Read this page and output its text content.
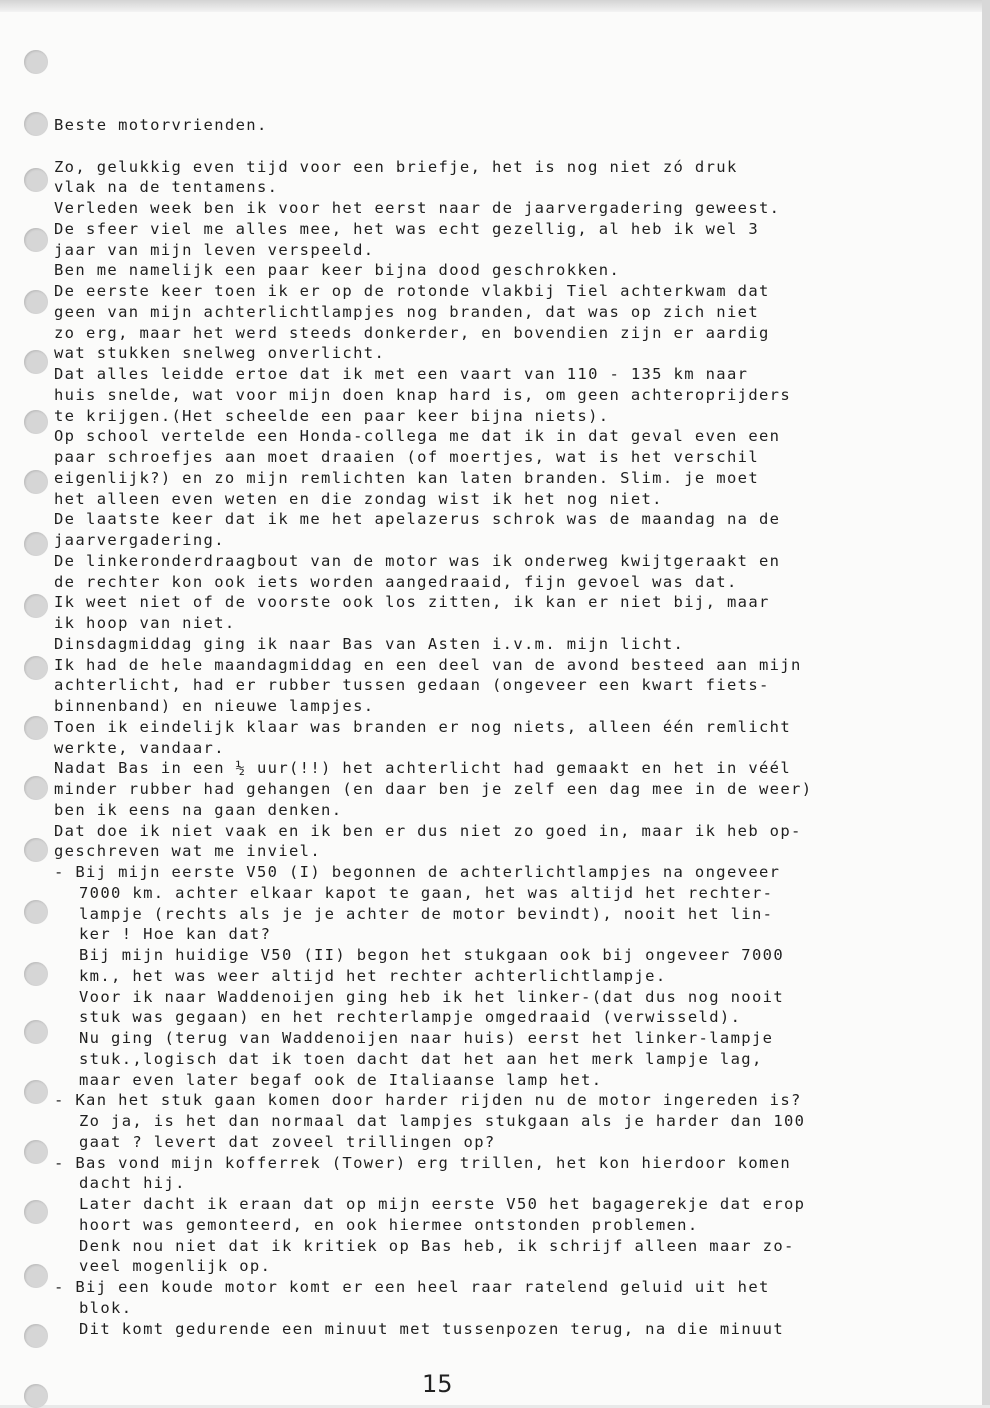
Beste motorvrienden.
Zo, gelukkig even tijd voor een briefje, het is nog niet zó druk
vlak na de tentamens.
Verleden week ben ik voor het eerst naar de jaarvergadering geweest.
De sfeer viel me alles mee, het was echt gezellig, al heb ik wel 3
jaar van mijn leven verspeeld.
Ben me namelijk een paar keer bijna dood geschrokken.
De eerste keer toen ik er op de rotonde vlakbij Tiel achterkwam dat
geen van mijn achterlichtlampjes nog branden, dat was op zich niet
zo erg, maar het werd steeds donkerder, en bovendien zijn er aardig
wat stukken snelweg onverlicht.
Dat alles leidde ertoe dat ik met een vaart van 110 - 135 km naar
huis snelde, wat voor mijn doen knap hard is, om geen achteroprijders
te krijgen.(Het scheelde een paar keer bijna niets).
Op school vertelde een Honda-collega me dat ik in dat geval even een
paar schroefjes aan moet draaien (of moertjes, wat is het verschil
eigenlijk?) en zo mijn remlichten kan laten branden. Slim. je moet
het alleen even weten en die zondag wist ik het nog niet.
De laatste keer dat ik me het apelazerus schrok was de maandag na de
jaarvergadering.
De linkeronderdraagbout van de motor was ik onderweg kwijtgeraakt en
de rechter kon ook iets worden aangedraaid, fijn gevoel was dat.
Ik weet niet of de voorste ook los zitten, ik kan er niet bij, maar
ik hoop van niet.
Dinsdagmiddag ging ik naar Bas van Asten i.v.m. mijn licht.
Ik had de hele maandagmiddag en een deel van de avond besteed aan mijn
achterlicht, had er rubber tussen gedaan (ongeveer een kwart fiets-
binnenband) en nieuwe lampjes.
Toen ik eindelijk klaar was branden er nog niets, alleen één remlicht
werkte, vandaar.
Nadat Bas in een ½ uur(!!) het achterlicht had gemaakt en het in véél
minder rubber had gehangen (en daar ben je zelf een dag mee in de weer)
ben ik eens na gaan denken.
Dat doe ik niet vaak en ik ben er dus niet zo goed in, maar ik heb op-
geschreven wat me inviel.
- Bij mijn eerste V50 (I) begonnen de achterlichtlampjes na ongeveer
7000 km. achter elkaar kapot te gaan, het was altijd het rechter-
lampje (rechts als je je achter de motor bevindt), nooit het lin-
ker ! Hoe kan dat?
Bij mijn huidige V50 (II) begon het stukgaan ook bij ongeveer 7000
km., het was weer altijd het rechter achterlichtlampje.
Voor ik naar Waddenoijen ging heb ik het linker-(dat dus nog nooit
stuk was gegaan) en het rechterlampje omgedraaid (verwisseld).
Nu ging (terug van Waddenoijen naar huis) eerst het linker-lampje
stuk.,logisch dat ik toen dacht dat het aan het merk lampje lag,
maar even later begaf ook de Italiaanse lamp het.
- Kan het stuk gaan komen door harder rijden nu de motor ingereden is?
Zo ja, is het dan normaal dat lampjes stukgaan als je harder dan 100
gaat ? levert dat zoveel trillingen op?
- Bas vond mijn kofferrek (Tower) erg trillen, het kon hierdoor komen
dacht hij.
Later dacht ik eraan dat op mijn eerste V50 het bagagerekje dat erop
hoort was gemonteerd, en ook hiermee ontstonden problemen.
Denk nou niet dat ik kritiek op Bas heb, ik schrijf alleen maar zo-
veel mogenlijk op.
- Bij een koude motor komt er een heel raar ratelend geluid uit het
blok.
Dit komt gedurende een minuut met tussenpozen terug, na die minuut
15
